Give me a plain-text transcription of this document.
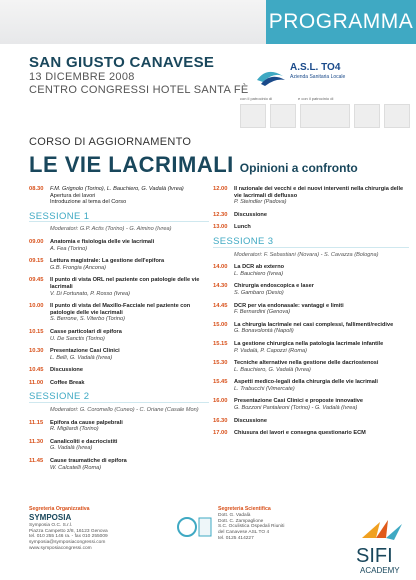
PROGRAMMA
SAN GIUSTO CANAVESE
13 DICEMBRE 2008
CENTRO CONGRESSI HOTEL SANTA FÈ
A.S.L. TO4
Azienda Sanitaria Locale
con il patrocinio di	e con il patrocinio di
CORSO DI AGGIORNAMENTO
LE VIE LACRIMALI Opinioni a confronto
08.30 F.M. Grignolo (Torino), L. Bauchiero, G. Vadalà (Ivrea)
Apertura dei lavori
Introduzione al tema del Corso
SESSIONE 1
Moderatori: G.P. Actis (Torino) - G. Aimino (Ivrea)
09.00 Anatomia e fisiologia delle vie lacrimali
A. Fea (Torino)
09.15 Lettura magistrale: La gestione dell'epifora
G.B. Frongia (Ancona)
09.45 Il punto di vista ORL nel paziente con patologie delle vie lacrimali
V. Di Fortunato, P. Rosso (Ivrea)
10.00 Il punto di vista del Maxillo-Facciale nel paziente con patologie delle vie lacrimali
S. Berrone, S. Viterbo (Torino)
10.15 Casse particolari di epifora
U. De Sanctis (Torino)
10.30 Presentazione Casi Clinici
L. Belli, G. Vadalà (Ivrea)
10.45 Discussione
11.00 Coffee Break
SESSIONE 2
Moderatori: G. Coromello (Cuneo) - C. Oriane (Casale Mon)
11.15 Epifora da cause palpebrali
R. Migliardi (Torino)
11.30 Canalicoliti e dacriocistiti
G. Vadalà (Ivrea)
11.45 Cause traumatiche di epifora
W. Calcatelli (Roma)
12.00 Il razionale dei vecchi e dei nuovi interventi nella chirurgia delle vie lacrimali di deflusso
P. Steindler (Padova)
12.30 Discussione
13.00 Lunch
SESSIONE 3
Moderatori: F. Sebastiani (Novara) - S. Cavazza (Bologna)
14.00 La DCR ab externo
L. Bauchiero (Ivrea)
14.30 Chirurgia endoscopica e laser
S. Gambaro (Desio)
14.45 DCR per via endonasale: vantaggi e limiti
F. Bernardini (Genova)
15.00 La chirurgia lacrimale nei casi complessi, fallimenti/recidive
G. Bonavolontà (Napoli)
15.15 La gestione chirurgica nella patologia lacrimale infantile
P. Vadalà, P. Capozzi (Roma)
15.30 Tecniche alternative nella gestione delle dacriostenosi
L. Bauchiero, G. Vadalà (Ivrea)
15.45 Aspetti medico-legali della chirurgia delle vie lacrimali
L. Trabucchi (Vimercate)
16.00 Presentazione Casi Clinici e proposte innovative
G. Bozzoni Pantaleoni (Torino) - G. Vadalà (Ivrea)
16.30 Discussione
17.00 Chiusura dei lavori e consegna questionario ECM
Segreteria Organizzativa
SYMPOSIA
Symposia O.C. S.r.l.
Piazza Campetto 2/8, 16123 Genova
tel. 010 255 146 ra. - fax 010 255009
symposia@symposiacongressi.com
www.symposiacongressi.com
Segreteria Scientifica
Dott. G. Vadalà
Dott. C. Zampaglione
S.C. Oculistica Ospedali Riuniti
del Canavese ASL TO 4
tel. 0125 414227
SIFI
ACADEMY
